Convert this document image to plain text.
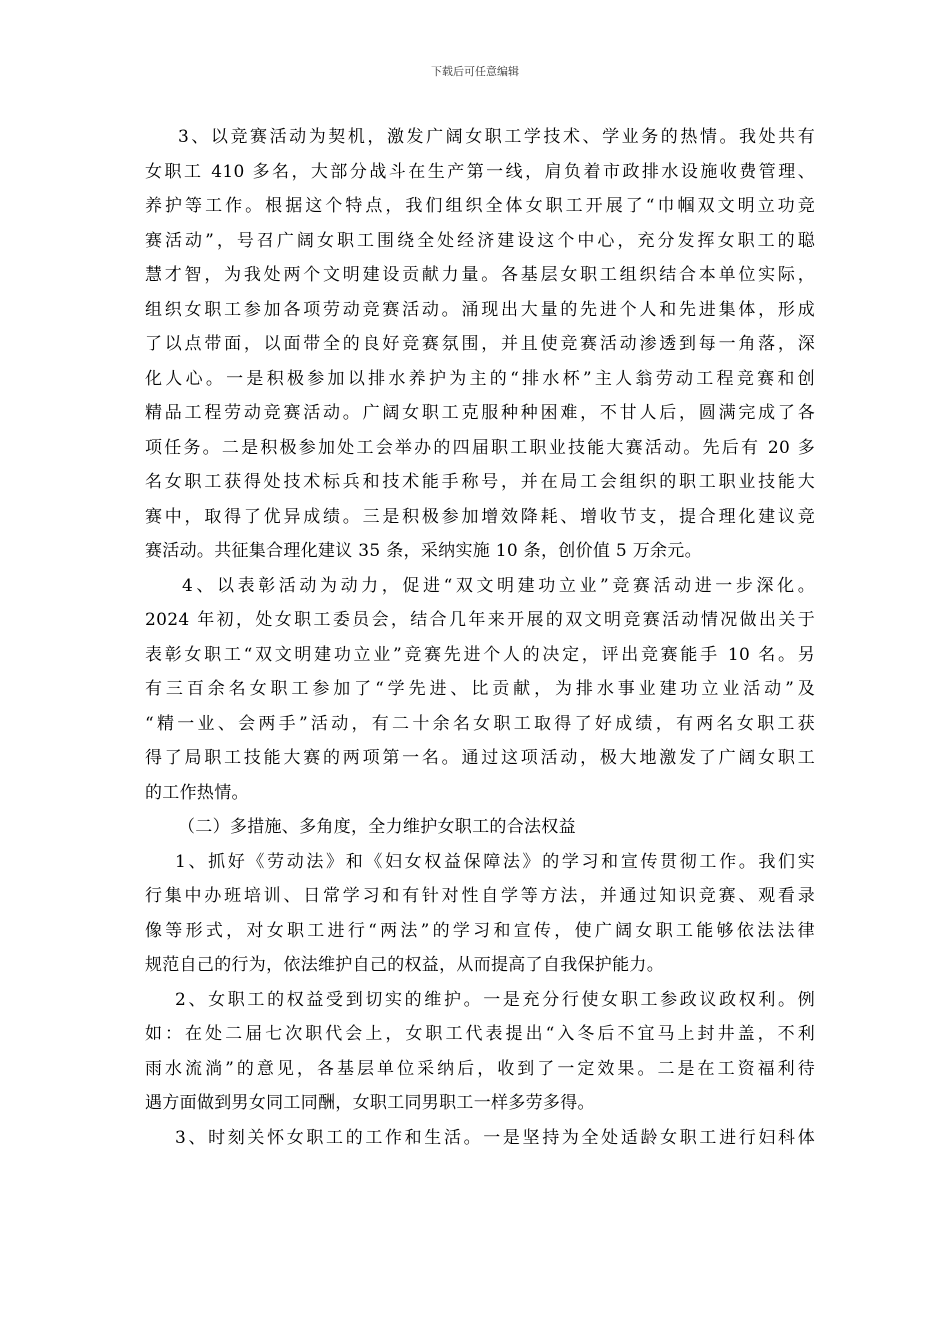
下载后可任意编辑
3、以竞赛活动为契机，激发广阔女职工学技术、学业务的热情。我处共有
女职工 410 多名，大部分战斗在生产第一线，肩负着市政排水设施收费管理、
养护等工作。根据这个特点，我们组织全体女职工开展了“巾帼双文明立功竞
赛活动”，号召广阔女职工围绕全处经济建设这个中心，充分发挥女职工的聪
慧才智，为我处两个文明建设贡献力量。各基层女职工组织结合本单位实际，
组织女职工参加各项劳动竞赛活动。涌现出大量的先进个人和先进集体，形成
了以点带面，以面带全的良好竞赛氛围，并且使竞赛活动渗透到每一角落，深
化人心。一是积极参加以排水养护为主的“排水杯”主人翁劳动工程竞赛和创
精品工程劳动竞赛活动。广阔女职工克服种种困难，不甘人后，圆满完成了各
项任务。二是积极参加处工会举办的四届职工职业技能大赛活动。先后有 20 多
名女职工获得处技术标兵和技术能手称号，并在局工会组织的职工职业技能大
赛中，取得了优异成绩。三是积极参加增效降耗、增收节支，提合理化建议竞
赛活动。共征集合理化建议 35 条，采纳实施 10 条，创价值 5 万余元。
4、以表彰活动为动力，促进“双文明建功立业”竞赛活动进一步深化。
2024 年初，处女职工委员会，结合几年来开展的双文明竞赛活动情况做出关于
表彰女职工“双文明建功立业”竞赛先进个人的决定，评出竞赛能手 10 名。另
有三百余名女职工参加了“学先进、比贡献，为排水事业建功立业活动”及
“精一业、会两手”活动，有二十余名女职工取得了好成绩，有两名女职工获
得了局职工技能大赛的两项第一名。通过这项活动，极大地激发了广阔女职工
的工作热情。
（二）多措施、多角度，全力维护女职工的合法权益
1、抓好《劳动法》和《妇女权益保障法》的学习和宣传贯彻工作。我们实
行集中办班培训、日常学习和有针对性自学等方法，并通过知识竞赛、观看录
像等形式，对女职工进行“两法”的学习和宣传，使广阔女职工能够依法法律
规范自己的行为，依法维护自己的权益，从而提高了自我保护能力。
2、女职工的权益受到切实的维护。一是充分行使女职工参政议政权利。例
如：在处二届七次职代会上，女职工代表提出“入冬后不宜马上封井盖，不利
雨水流淌”的意见，各基层单位采纳后，收到了一定效果。二是在工资福利待
遇方面做到男女同工同酬，女职工同男职工一样多劳多得。
3、时刻关怀女职工的工作和生活。一是坚持为全处适龄女职工进行妇科体
